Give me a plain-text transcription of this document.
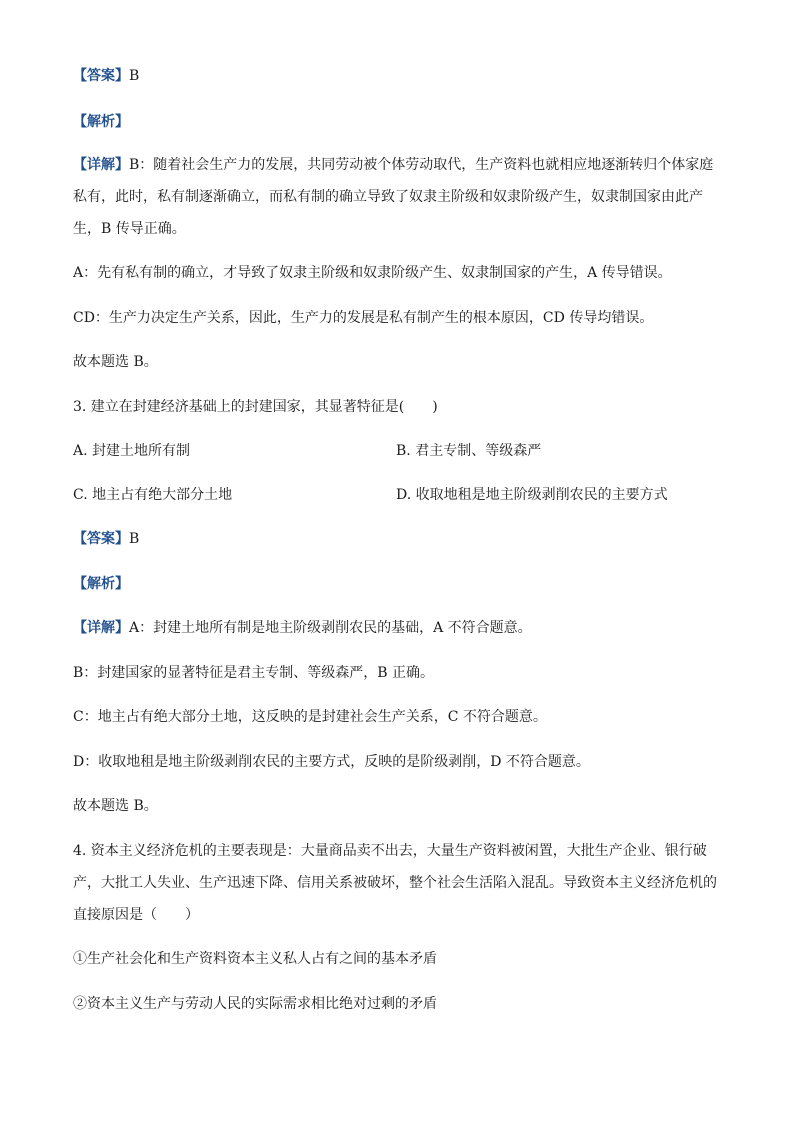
【答案】B
【解析】
【详解】B：随着社会生产力的发展，共同劳动被个体劳动取代，生产资料也就相应地逐渐转归个体家庭
私有，此时，私有制逐渐确立，而私有制的确立导致了奴隶主阶级和奴隶阶级产生，奴隶制国家由此产
生，B 传导正确。
A：先有私有制的确立，才导致了奴隶主阶级和奴隶阶级产生、奴隶制国家的产生，A 传导错误。
CD：生产力决定生产关系，因此，生产力的发展是私有制产生的根本原因，CD 传导均错误。
故本题选 B。
3. 建立在封建经济基础上的封建国家，其显著特征是(　　)
A. 封建土地所有制	B. 君主专制、等级森严
C. 地主占有绝大部分土地	D. 收取地租是地主阶级剥削农民的主要方式
【答案】B
【解析】
【详解】A：封建土地所有制是地主阶级剥削农民的基础，A 不符合题意。
B：封建国家的显著特征是君主专制、等级森严，B 正确。
C：地主占有绝大部分土地，这反映的是封建社会生产关系，C 不符合题意。
D：收取地租是地主阶级剥削农民的主要方式，反映的是阶级剥削，D 不符合题意。
故本题选 B。
4. 资本主义经济危机的主要表现是：大量商品卖不出去，大量生产资料被闲置，大批生产企业、银行破
产，大批工人失业、生产迅速下降、信用关系被破坏，整个社会生活陷入混乱。导致资本主义经济危机的
直接原因是（　　）
①生产社会化和生产资料资本主义私人占有之间的基本矛盾
②资本主义生产与劳动人民的实际需求相比绝对过剩的矛盾
